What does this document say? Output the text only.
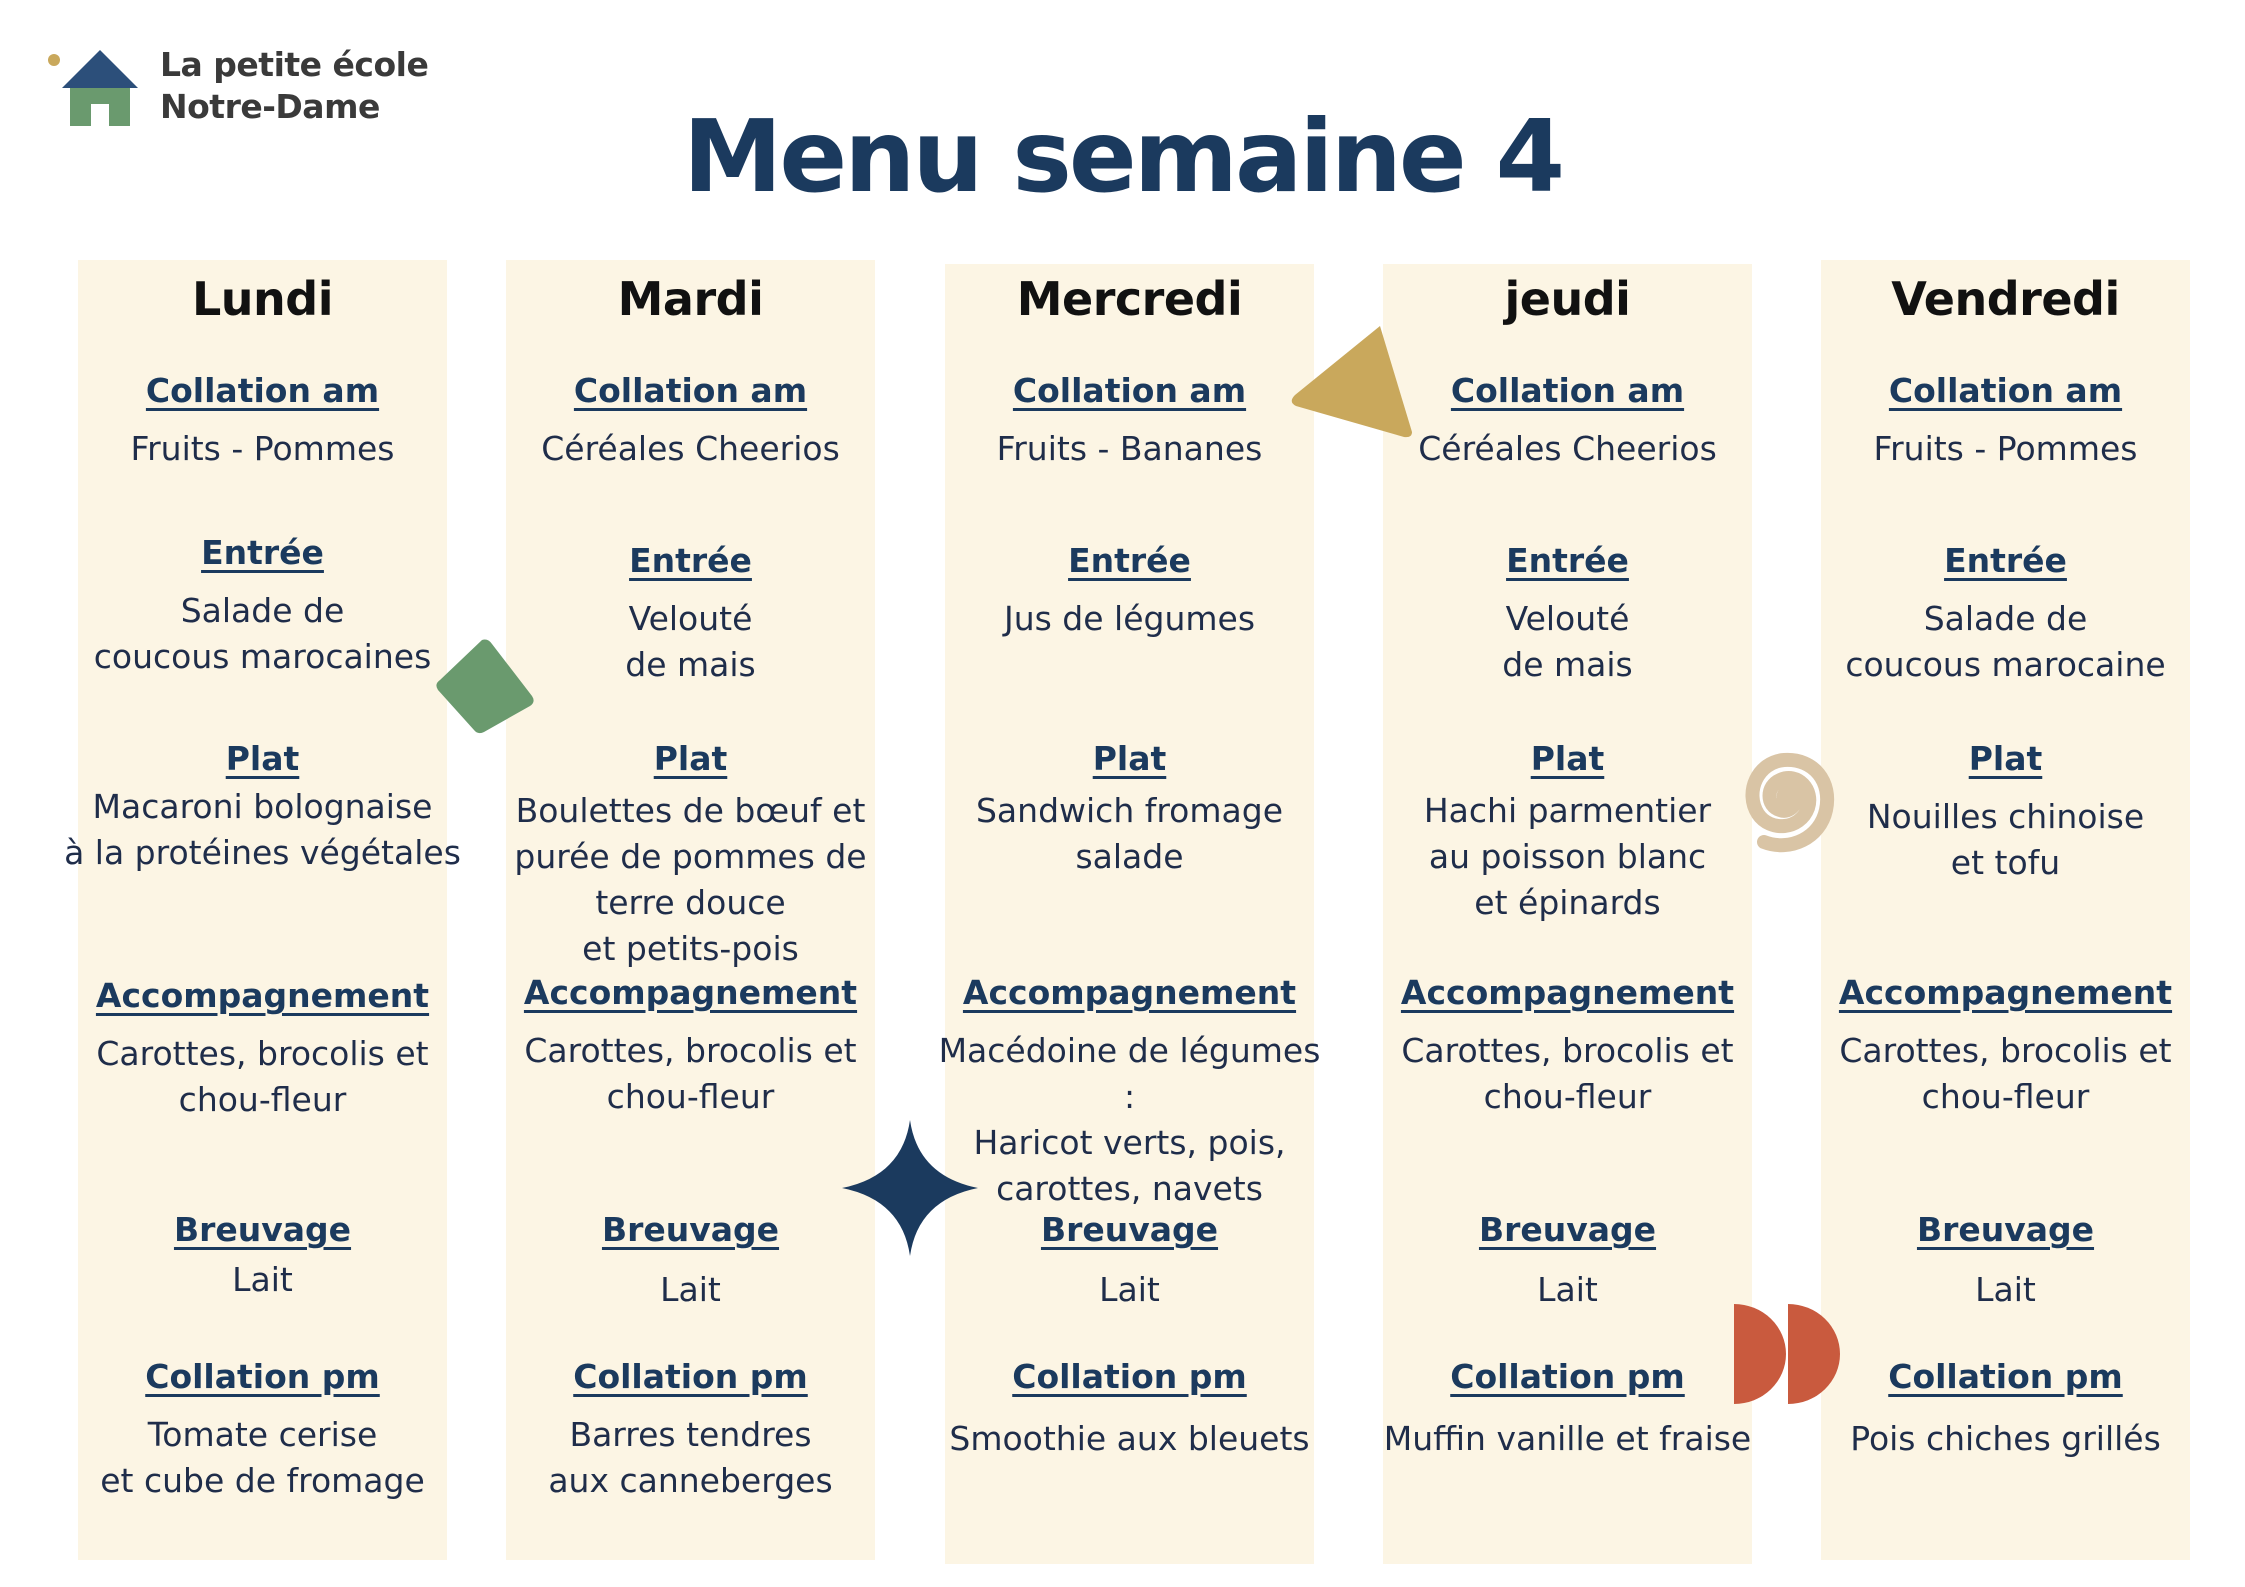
La petite école
Notre-Dame	Menu semaine 4
Lundi
Collation am
Fruits - Pommes
Entrée
Salade de
coucous marocaines
Plat
Macaroni bolognaise
à la protéines végétales
Accompagnement
Carottes, brocolis et
chou-fleur
Breuvage
Lait
Collation pm
Tomate cerise
et cube de fromage
Mardi
Collation am
Céréales Cheerios
Entrée
Velouté
de mais
Plat
Boulettes de bœuf et
purée de pommes de
terre douce
et petits-pois
Accompagnement
Carottes, brocolis et
chou-fleur
Breuvage
Lait
Collation pm
Barres tendres
aux canneberges
Mercredi
Collation am
Fruits - Bananes
Entrée
Jus de légumes
Plat
Sandwich fromage
salade
Accompagnement
Macédoine de légumes :
Haricot verts, pois,
carottes, navets
Breuvage
Lait
Collation pm
Smoothie aux bleuets
jeudi
Collation am
Céréales Cheerios
Entrée
Velouté
de mais
Plat
Hachi parmentier
au poisson blanc
et épinards
Accompagnement
Carottes, brocolis et
chou-fleur
Breuvage
Lait
Collation pm
Muffin vanille et fraise
Vendredi
Collation am
Fruits - Pommes
Entrée
Salade de
coucous marocaine
Plat
Nouilles chinoise
et tofu
Accompagnement
Carottes, brocolis et
chou-fleur
Breuvage
Lait
Collation pm
Pois chiches grillés
